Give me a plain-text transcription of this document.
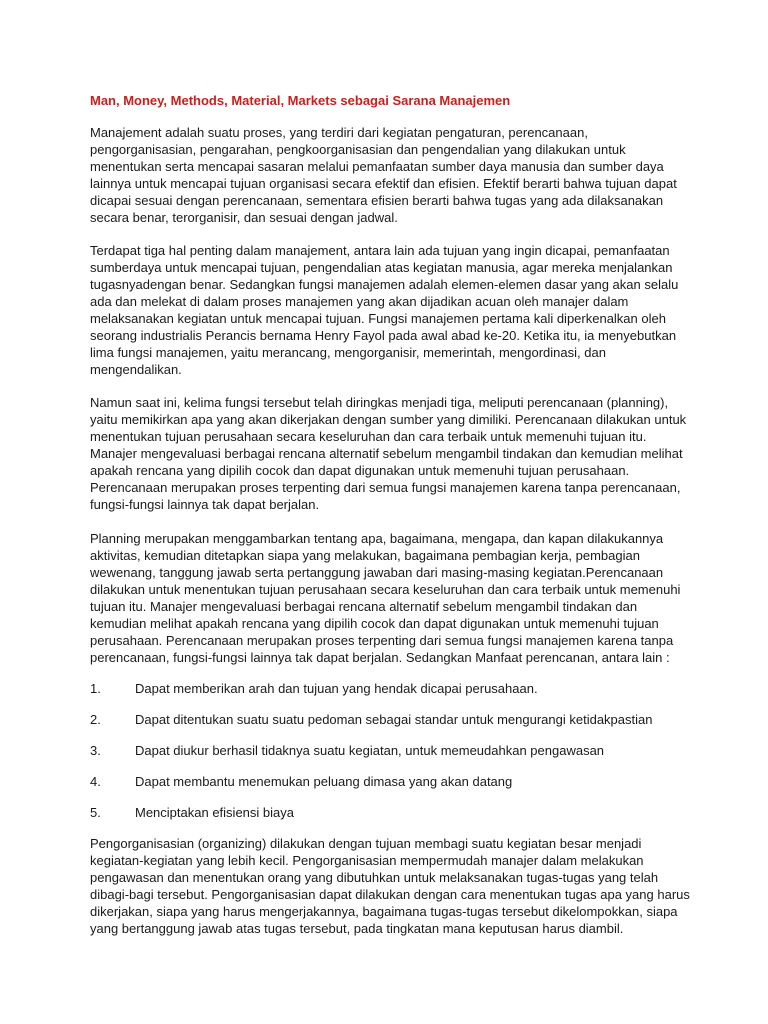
Man, Money, Methods, Material, Markets sebagai Sarana Manajemen

Manajement adalah suatu proses, yang terdiri dari kegiatan pengaturan, perencanaan, pengorganisasian, pengarahan, pengkoorganisasian dan pengendalian yang dilakukan untuk menentukan serta mencapai sasaran melalui pemanfaatan sumber daya manusia dan sumber daya lainnya untuk mencapai tujuan organisasi secara efektif dan efisien. Efektif berarti bahwa tujuan dapat dicapai sesuai dengan perencanaan, sementara efisien berarti bahwa tugas yang ada dilaksanakan secara benar, terorganisir, dan sesuai dengan jadwal.

Terdapat tiga hal penting dalam manajement, antara lain ada tujuan yang ingin dicapai, pemanfaatan sumberdaya untuk mencapai tujuan, pengendalian atas kegiatan manusia, agar mereka menjalankan tugasnyadengan benar. Sedangkan fungsi manajemen adalah elemen-elemen dasar yang akan selalu ada dan melekat di dalam proses manajemen yang akan dijadikan acuan oleh manajer dalam melaksanakan kegiatan untuk mencapai tujuan. Fungsi manajemen pertama kali diperkenalkan oleh seorang industrialis Perancis bernama Henry Fayol pada awal abad ke-20. Ketika itu, ia menyebutkan lima fungsi manajemen, yaitu merancang, mengorganisir, memerintah, mengordinasi, dan mengendalikan.

Namun saat ini, kelima fungsi tersebut telah diringkas menjadi tiga, meliputi perencanaan (planning), yaitu memikirkan apa yang akan dikerjakan dengan sumber yang dimiliki. Perencanaan dilakukan untuk menentukan tujuan perusahaan secara keseluruhan dan cara terbaik untuk memenuhi tujuan itu. Manajer mengevaluasi berbagai rencana alternatif sebelum mengambil tindakan dan kemudian melihat apakah rencana yang dipilih cocok dan dapat digunakan untuk memenuhi tujuan perusahaan. Perencanaan merupakan proses terpenting dari semua fungsi manajemen karena tanpa perencanaan, fungsi-fungsi lainnya tak dapat berjalan.

Planning merupakan menggambarkan tentang apa, bagaimana, mengapa, dan kapan dilakukannya aktivitas, kemudian ditetapkan siapa yang melakukan, bagaimana pembagian kerja, pembagian wewenang, tanggung jawab serta pertanggung jawaban dari masing-masing kegiatan.Perencanaan dilakukan untuk menentukan tujuan perusahaan secara keseluruhan dan cara terbaik untuk memenuhi tujuan itu. Manajer mengevaluasi berbagai rencana alternatif sebelum mengambil tindakan dan kemudian melihat apakah rencana yang dipilih cocok dan dapat digunakan untuk memenuhi tujuan perusahaan. Perencanaan merupakan proses terpenting dari semua fungsi manajemen karena tanpa perencanaan, fungsi-fungsi lainnya tak dapat berjalan. Sedangkan Manfaat perencanan, antara lain :

1.	Dapat memberikan arah dan tujuan yang hendak dicapai perusahaan.
2.	Dapat ditentukan suatu suatu pedoman sebagai standar untuk mengurangi ketidakpastian
3.	Dapat diukur berhasil tidaknya suatu kegiatan, untuk memeudahkan pengawasan
4.	Dapat membantu menemukan peluang dimasa yang akan datang
5.	Menciptakan efisiensi biaya

Pengorganisasian (organizing) dilakukan dengan tujuan membagi suatu kegiatan besar menjadi kegiatan-kegiatan yang lebih kecil. Pengorganisasian mempermudah manajer dalam melakukan pengawasan dan menentukan orang yang dibutuhkan untuk melaksanakan tugas-tugas yang telah dibagi-bagi tersebut. Pengorganisasian dapat dilakukan dengan cara menentukan tugas apa yang harus dikerjakan, siapa yang harus mengerjakannya, bagaimana tugas-tugas tersebut dikelompokkan, siapa yang bertanggung jawab atas tugas tersebut, pada tingkatan mana keputusan harus diambil.
